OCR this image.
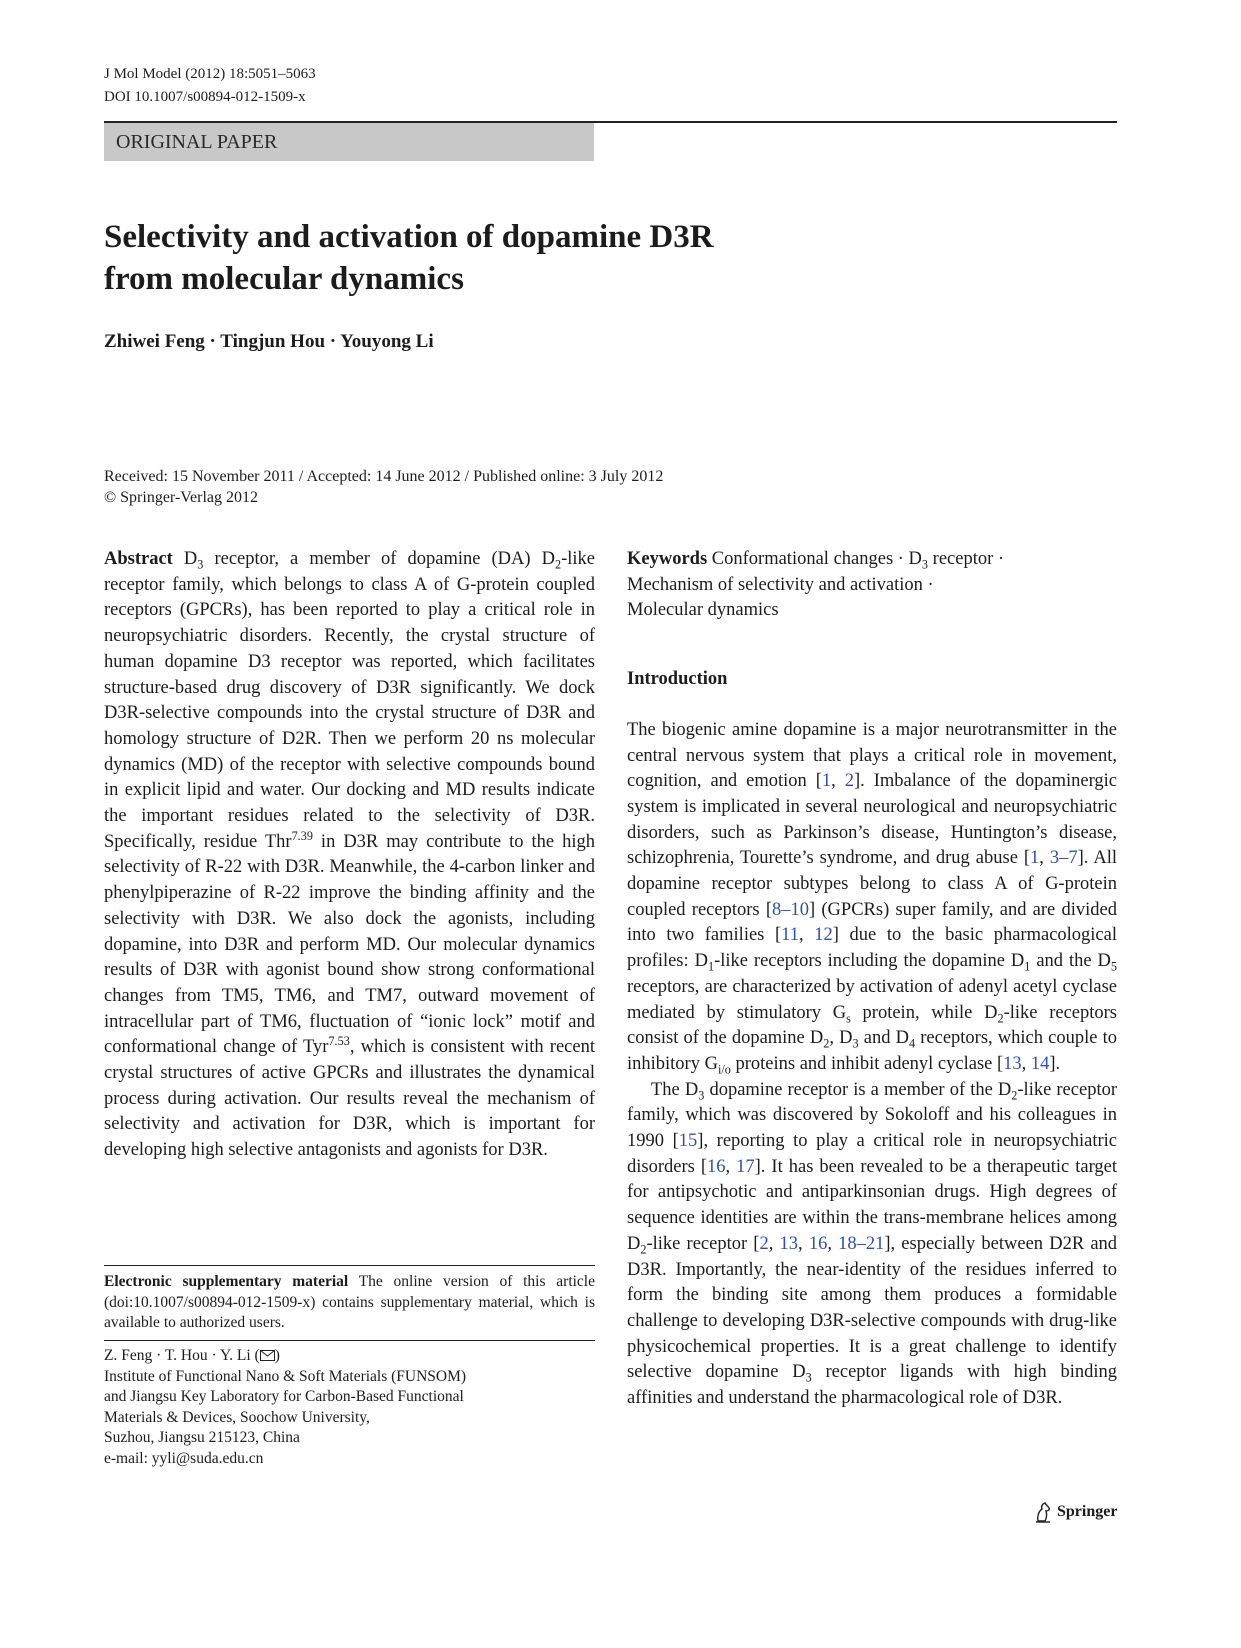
J Mol Model (2012) 18:5051–5063
DOI 10.1007/s00894-012-1509-x
ORIGINAL PAPER
Selectivity and activation of dopamine D3R
from molecular dynamics
Zhiwei Feng · Tingjun Hou · Youyong Li
Received: 15 November 2011 / Accepted: 14 June 2012 / Published online: 3 July 2012
© Springer-Verlag 2012
Abstract $D_3$ receptor, a member of dopamine (DA) $D_2$-like receptor family, which belongs to class A of G-protein coupled receptors (GPCRs), has been reported to play a critical role in neuropsychiatric disorders. Recently, the crystal structure of human dopamine D3 receptor was reported, which facilitates structure-based drug discovery of D3R significantly. We dock D3R-selective compounds into the crystal structure of D3R and homology structure of D2R. Then we perform 20 ns molecular dynamics (MD) of the receptor with selective compounds bound in explicit lipid and water. Our docking and MD results indicate the important residues related to the selectivity of D3R. Specifically, residue Thr$^{7.39}$ in D3R may contribute to the high selectivity of R-22 with D3R. Meanwhile, the 4-carbon linker and phenylpiperazine of R-22 improve the binding affinity and the selectivity with D3R. We also dock the agonists, including dopamine, into D3R and perform MD. Our molecular dynamics results of D3R with agonist bound show strong conformational changes from TM5, TM6, and TM7, outward movement of intracellular part of TM6, fluctuation of “ionic lock” motif and conformational change of Tyr$^{7.53}$, which is consistent with recent crystal structures of active GPCRs and illustrates the dynamical process during activation. Our results reveal the mechanism of selectivity and activation for D3R, which is important for developing high selective antagonists and agonists for D3R.
Electronic supplementary material The online version of this article (doi:10.1007/s00894-012-1509-x) contains supplementary material, which is available to authorized users.
Z. Feng · T. Hou · Y. Li ( )
Institute of Functional Nano & Soft Materials (FUNSOM)
and Jiangsu Key Laboratory for Carbon-Based Functional
Materials & Devices, Soochow University,
Suzhou, Jiangsu 215123, China
e-mail: yyli@suda.edu.cn
Keywords Conformational changes · $D_3$ receptor ·
Mechanism of selectivity and activation ·
Molecular dynamics
Introduction

The biogenic amine dopamine is a major neurotransmitter in the central nervous system that plays a critical role in movement, cognition, and emotion [1, 2]. Imbalance of the dopaminergic system is implicated in several neurological and neuropsychiatric disorders, such as Parkinson’s disease, Huntington’s disease, schizophrenia, Tourette’s syndrome, and drug abuse [1, 3–7]. All dopamine receptor subtypes belong to class A of G-protein coupled receptors [8–10] (GPCRs) super family, and are divided into two families [11, 12] due to the basic pharmacological profiles: $D_1$-like receptors including the dopamine $D_1$ and the $D_5$ receptors, are characterized by activation of adenyl acetyl cyclase mediated by stimulatory $G_s$ protein, while $D_2$-like receptors consist of the dopamine $D_2$, $D_3$ and $D_4$ receptors, which couple to inhibitory $G_{i/o}$ proteins and inhibit adenyl cyclase [13, 14].

The $D_3$ dopamine receptor is a member of the $D_2$-like receptor family, which was discovered by Sokoloff and his colleagues in 1990 [15], reporting to play a critical role in neuropsychiatric disorders [16, 17]. It has been revealed to be a therapeutic target for antipsychotic and antiparkinsonian drugs. High degrees of sequence identities are within the trans-membrane helices among $D_2$-like receptor [2, 13, 16, 18–21], especially between D2R and D3R. Importantly, the near-identity of the residues inferred to form the binding site among them produces a formidable challenge to developing D3R-selective compounds with drug-like physicochemical properties. It is a great challenge to identify selective dopamine $D_3$ receptor ligands with high binding affinities and understand the pharmacological role of D3R.

Springer
